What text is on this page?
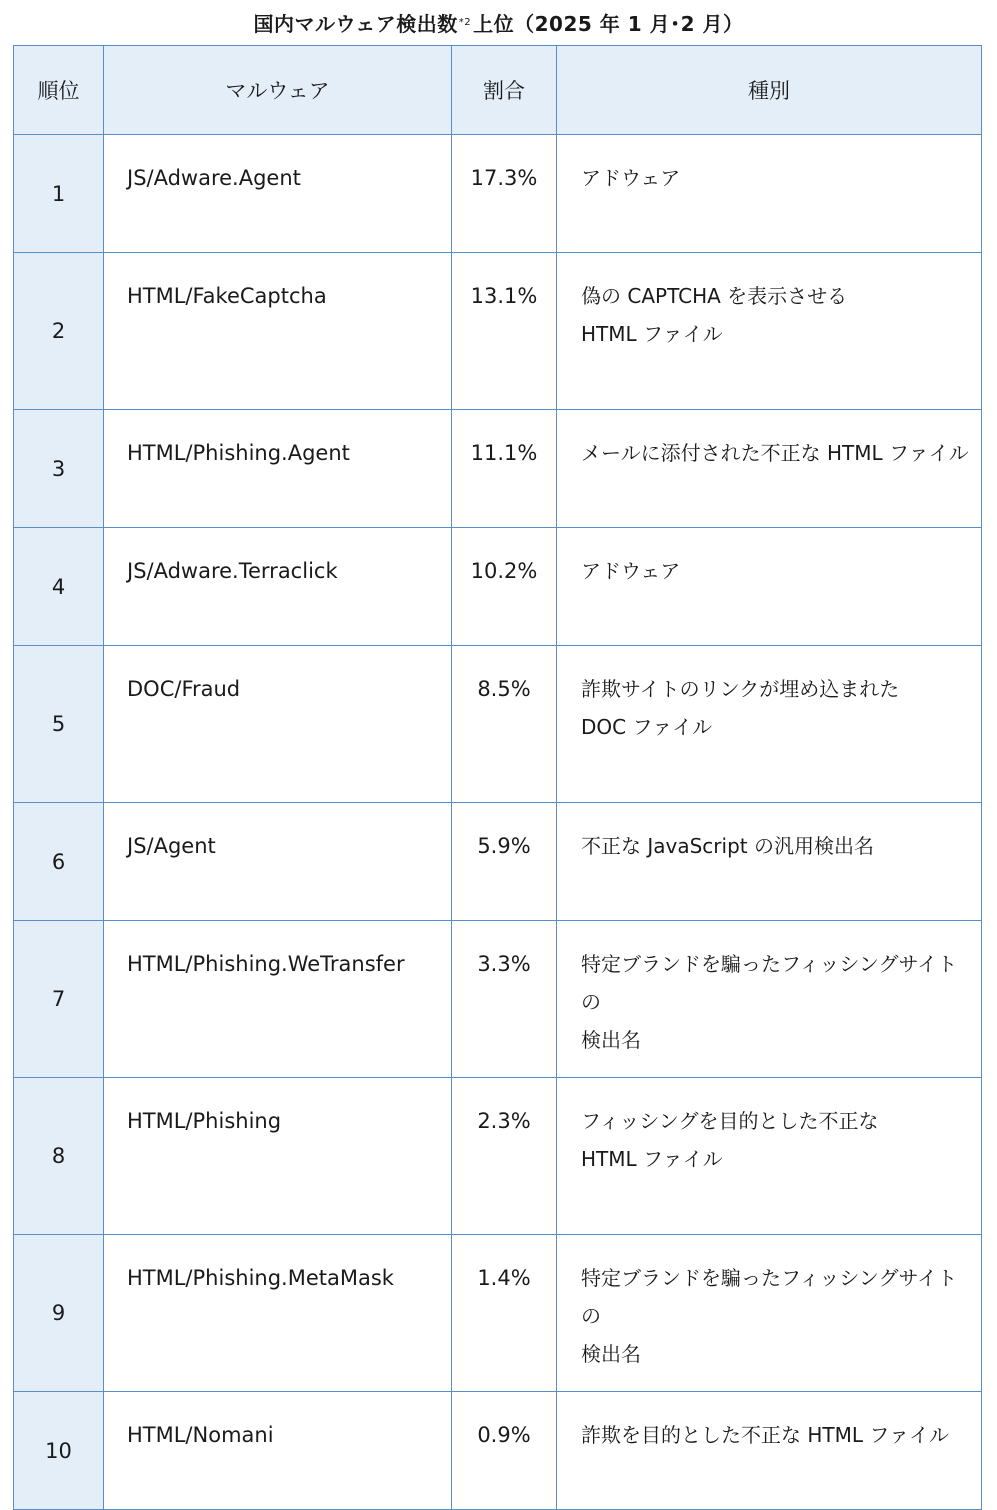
国内マルウェア検出数 *2 上位（2025 年 1 月･2 月）
順位	マルウェア	割合	種別
1	JS/Adware.Agent	17.3%	アドウェア

2	HTML/FakeCaptcha	13.1%	偽の CAPTCHA を表示させる
HTML ファイル

3	HTML/Phishing.Agent	11.1%	メールに添付された不正な HTML ファイル

4	JS/Adware.Terraclick	10.2%	アドウェア

5	DOC/Fraud	8.5%	詐欺サイトのリンクが埋め込まれた
DOC ファイル

6	JS/Agent	5.9%	不正な JavaScript の汎用検出名

7	HTML/Phishing.WeTransfer	3.3%	特定ブランドを騙ったフィッシングサイトの
検出名

8	HTML/Phishing	2.3%	フィッシングを目的とした不正な
HTML ファイル

9	HTML/Phishing.MetaMask	1.4%	特定ブランドを騙ったフィッシングサイトの
検出名

10	HTML/Nomani	0.9%	詐欺を目的とした不正な HTML ファイル
